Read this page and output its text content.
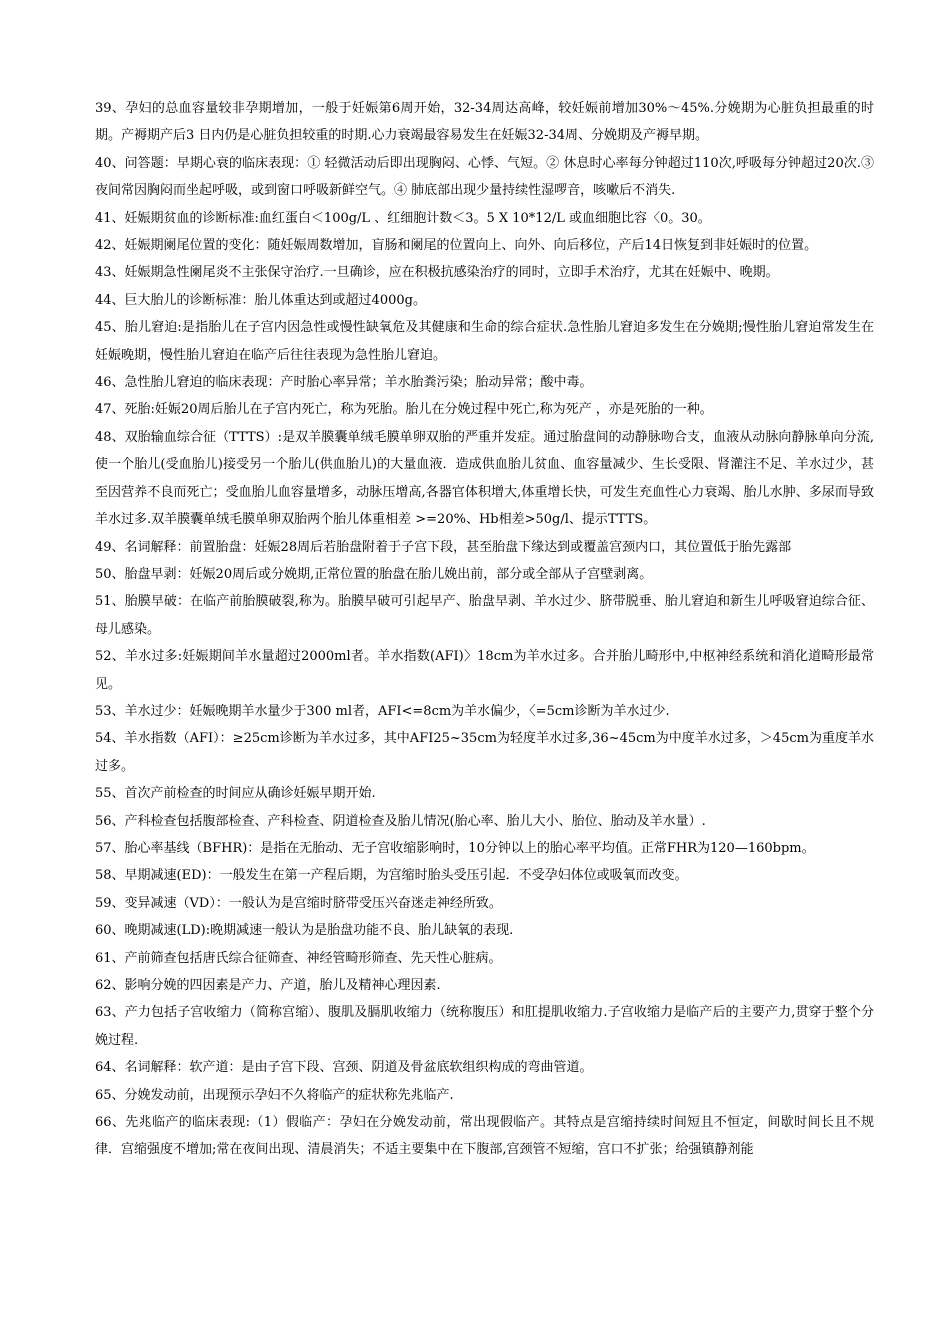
39、孕妇的总血容量较非孕期增加，一般于妊娠第6周开始，32-34周达高峰，较妊娠前增加30%～45%.分娩期为心脏负担最重的时期。产褥期产后3 日内仍是心脏负担较重的时期.心力衰竭最容易发生在妊娠32-34周、分娩期及产褥早期。

40、问答题：早期心衰的临床表现：① 轻微活动后即出现胸闷、心悸、气短。② 休息时心率每分钟超过110次,呼吸每分钟超过20次.③ 夜间常因胸闷而坐起呼吸，或到窗口呼吸新鲜空气。④ 肺底部出现少量持续性湿啰音，咳嗽后不消失.

41、妊娠期贫血的诊断标准:血红蛋白＜100g/L 、红细胞计数＜3。5 X 10*12/L 或血细胞比容〈0。30。

42、妊娠期阑尾位置的变化：随妊娠周数增加，盲肠和阑尾的位置向上、向外、向后移位，产后14日恢复到非妊娠时的位置。

43、妊娠期急性阑尾炎不主张保守治疗.一旦确诊，应在积极抗感染治疗的同时，立即手术治疗，尤其在妊娠中、晚期。

44、巨大胎儿的诊断标准：胎儿体重达到或超过4000g。

45、胎儿窘迫:是指胎儿在子宫内因急性或慢性缺氧危及其健康和生命的综合症状.急性胎儿窘迫多发生在分娩期;慢性胎儿窘迫常发生在妊娠晚期，慢性胎儿窘迫在临产后往往表现为急性胎儿窘迫。

46、急性胎儿窘迫的临床表现：产时胎心率异常；羊水胎粪污染；胎动异常；酸中毒。

47、死胎:妊娠20周后胎儿在子宫内死亡，称为死胎。胎儿在分娩过程中死亡,称为死产 ，亦是死胎的一种。

48、双胎输血综合征（TTTS）:是双羊膜囊单绒毛膜单卵双胎的严重并发症。通过胎盘间的动静脉吻合支，血液从动脉向静脉单向分流,使一个胎儿(受血胎儿)接受另一个胎儿(供血胎儿)的大量血液．造成供血胎儿贫血、血容量减少、生长受限、肾灌注不足、羊水过少，甚至因营养不良而死亡；受血胎儿血容量增多，动脉压增高,各器官体积增大,体重增长快，可发生充血性心力衰竭、胎儿水肿、多尿而导致羊水过多.双羊膜囊单绒毛膜单卵双胎两个胎儿体重相差 >=20%、Hb相差>50g/l、提示TTTS。

49、名词解释：前置胎盘：妊娠28周后若胎盘附着于子宫下段，甚至胎盘下缘达到或覆盖宫颈内口，其位置低于胎先露部

50、胎盘早剥：妊娠20周后或分娩期,正常位置的胎盘在胎儿娩出前，部分或全部从子宫壁剥离。

51、胎膜早破：在临产前胎膜破裂,称为。胎膜早破可引起早产、胎盘早剥、羊水过少、脐带脱垂、胎儿窘迫和新生儿呼吸窘迫综合征、母儿感染。

52、羊水过多:妊娠期间羊水量超过2000ml者。羊水指数(AFI)〉18cm为羊水过多。合并胎儿畸形中,中枢神经系统和消化道畸形最常见。

53、羊水过少：妊娠晚期羊水量少于300 ml者，AFI<=8cm为羊水偏少，〈=5cm诊断为羊水过少.

54、羊水指数（AFI）：≥25cm诊断为羊水过多，其中AFI25~35cm为轻度羊水过多,36~45cm为中度羊水过多，＞45cm为重度羊水过多。

55、首次产前检查的时间应从确诊妊娠早期开始.

56、产科检查包括腹部检查、产科检查、阴道检查及胎儿情况(胎心率、胎儿大小、胎位、胎动及羊水量）.

57、胎心率基线（BFHR)：是指在无胎动、无子宫收缩影响时，10分钟以上的胎心率平均值。正常FHR为120—160bpm。

58、早期减速(ED)：一般发生在第一产程后期，为宫缩时胎头受压引起．不受孕妇体位或吸氧而改变。

59、变异减速（VD）：一般认为是宫缩时脐带受压兴奋迷走神经所致。

60、晚期减速(LD):晚期减速一般认为是胎盘功能不良、胎儿缺氧的表现.

61、产前筛查包括唐氏综合征筛查、神经管畸形筛查、先天性心脏病。

62、影响分娩的四因素是产力、产道，胎儿及精神心理因素.

63、产力包括子宫收缩力（简称宫缩）、腹肌及膈肌收缩力（统称腹压）和肛提肌收缩力.子宫收缩力是临产后的主要产力,贯穿于整个分娩过程.

64、名词解释：软产道：是由子宫下段、宫颈、阴道及骨盆底软组织构成的弯曲管道。

65、分娩发动前，出现预示孕妇不久将临产的症状称先兆临产.

66、先兆临产的临床表现:（1）假临产：孕妇在分娩发动前，常出现假临产。其特点是宫缩持续时间短且不恒定，间歇时间长且不规律．宫缩强度不增加;常在夜间出现、清晨消失；不适主要集中在下腹部,宫颈管不短缩，宫口不扩张；给强镇静剂能
